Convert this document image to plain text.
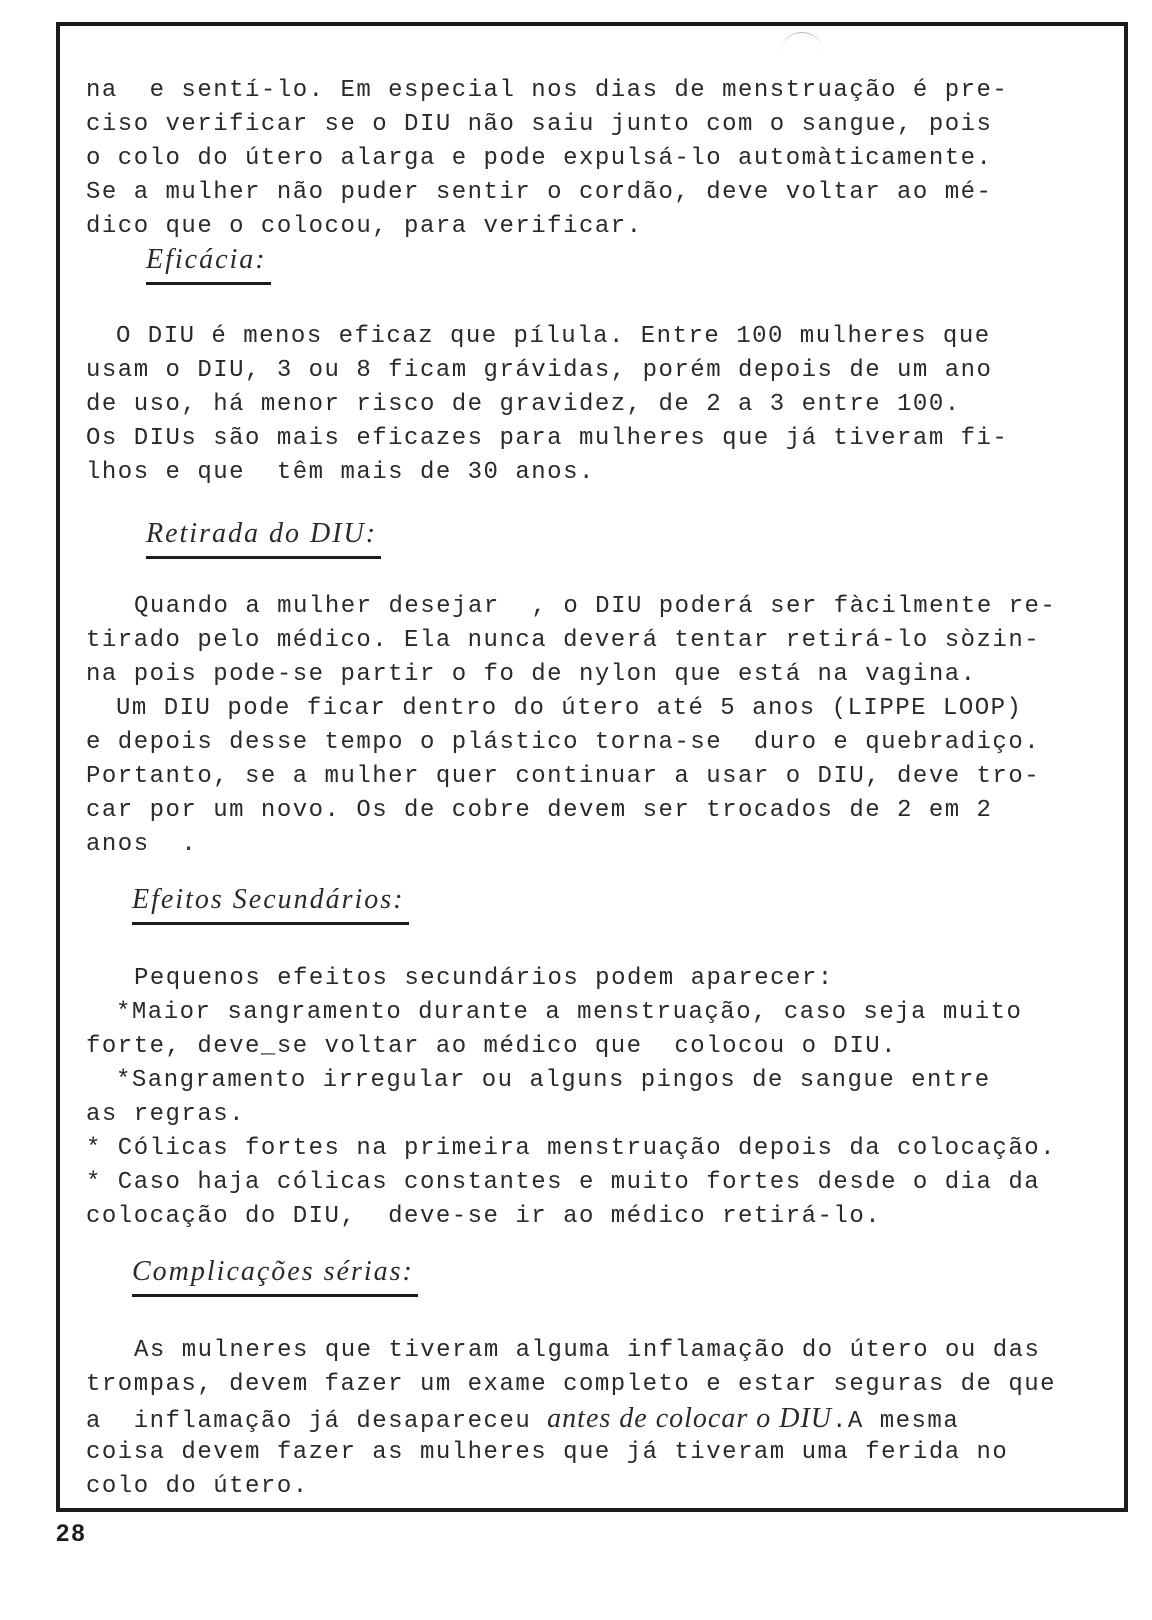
na  e sentí-lo. Em especial nos dias de menstruação é pre-
ciso verificar se o DIU não saiu junto com o sangue, pois
o colo do útero alarga e pode expulsá-lo automàticamente.
Se a mulher não puder sentir o cordão, deve voltar ao mé-
dico que o colocou, para verificar.
Eficácia:
O DIU é menos eficaz que pílula. Entre 100 mulheres que
usam o DIU, 3 ou 8 ficam grávidas, porém depois de um ano
de uso, há menor risco de gravidez, de 2 a 3 entre 100.
Os DIUs são mais eficazes para mulheres que já tiveram fi-
lhos e que  têm mais de 30 anos.
Retirada do DIU:
Quando a mulher desejar  , o DIU poderá ser fàcilmente re-
tirado pelo médico. Ela nunca deverá tentar retirá-lo sòzin-
na pois pode-se partir o fo de nylon que está na vagina.
Um DIU pode ficar dentro do útero até 5 anos (LIPPE LOOP)
e depois desse tempo o plástico torna-se  duro e quebradiço.
Portanto, se a mulher quer continuar a usar o DIU, deve tro-
car por um novo. Os de cobre devem ser trocados de 2 em 2
anos  .
Efeitos Secundários:
Pequenos efeitos secundários podem aparecer:
*Maior sangramento durante a menstruação, caso seja muito
forte, deve_se voltar ao médico que  colocou o DIU.
*Sangramento irregular ou alguns pingos de sangue entre
as regras.
* Cólicas fortes na primeira menstruação depois da colocação.
* Caso haja cólicas constantes e muito fortes desde o dia da
colocação do DIU,  deve-se ir ao médico retirá-lo.
Complicações sérias:
As mulneres que tiveram alguma inflamação do útero ou das
trompas, devem fazer um exame completo e estar seguras de que
a  inflamação já desapareceu antes de colocar o DIU.A mesma
coisa devem fazer as mulheres que já tiveram uma ferida no
colo do útero.
28
